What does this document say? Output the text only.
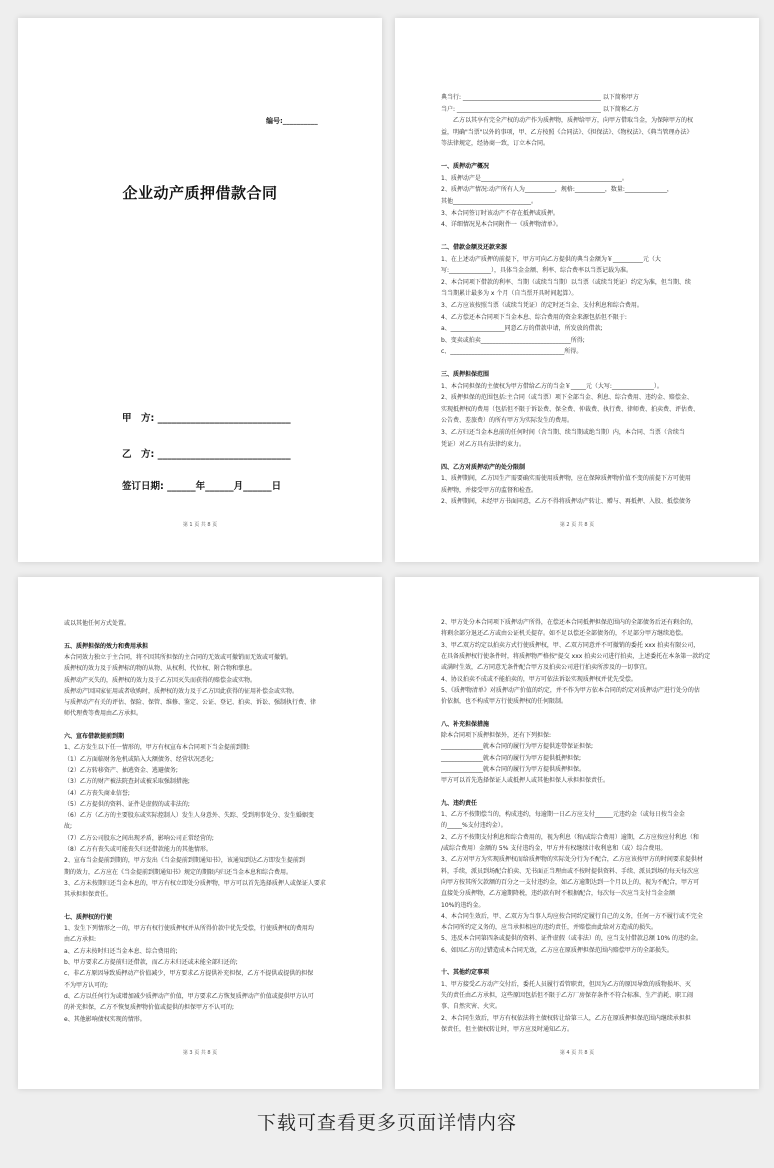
编号:__________
企业动产质押借款合同
甲　方: ____________________________
乙　方: ____________________________
签订日期: ______年______月______日
第 1 页 共 8 页	第 2 页 共 8 页
典当行: ______________________________________________ 以下简称甲方
当户: ________________________________________________ 以下简称乙方
　　乙方以其享有完全产权的动产作为质押物，质押给甲方，向甲方借取当金，为保障甲方的权
益，明确"当票"以外的事项，甲、乙方按照《合同法》、《担保法》、《物权法》、《典当管理办法》
等法律规定，经协商一致，订立本合同。
一、质押动产概况
1、质押动产是_______________________________________________。
2、质押动产情况:动产所有人为__________，规格:__________，数量:______________，
其他__________________________。
3、本合同签订时该动产不存在抵押或质押。
4、详细情况见本合同附件一《质押物清单》。
二、借款金额及还款来源
1、在上述动产质押的前提下，甲方可向乙方提供的典当金额为￥__________元（大
写:______________），具体当金金额、利率、综合费率以当票记载为准。
2、本合同项下借款的利率、当期（或续当当期）以当票（或续当凭证）约定为准，但当期、续
当当期累计最多为 x 个月（自当票开具时间起算）。
3、乙方应该按照当票（或续当凭证）的定时还当金、支付利息和综合费用。
4、乙方偿还本合同项下当金本息、综合费用的资金来源包括但不限于:
a、__________________同意乙方的借款申请，所发放的借款;
b、变卖或拍卖______________________________所得;
c、______________________________________所得。
三、质押担保范围
1、本合同担保的主债权为甲方借给乙方的当金￥_____元（大写:______________）。
2、质押担保的范围包括:主合同（或当票）项下全部当金、利息、综合费用、违约金、赔偿金、
实现抵押权的费用（包括但不限于诉讼费、保全费、仲裁费、执行费、律师费、拍卖费、评估费、
公告费、差旅费）的所有甲方为实际发生的费用。
3、乙方归还当金本息前的任何时间（含当期、续当期或绝当期）内，本合同、当票（含续当
凭证）对乙方具有法律约束力。
四、乙方对质押动产的处分限制
1、质押期间，乙方因生产需要确实需使用质押物，应在保障质押物价值不变的前提下方可使用
质押物，并接受甲方的监督和检查。
2、质押期间，未经甲方书面同意，乙方不得将质押动产转让、赠与、再抵押、入股、抵偿债务
第 3 页 共 8 页
或以其他任何方式处置。
五、质押担保的效力和费用承担
本合同效力独立于主合同，将不因其所担保的主合同的无效或可撤销而无效或可撤销。
质押权的效力及于质押标的物的从物、从权利、代位权、附合物和孳息。
质押动产灭失的，质押权的效力及于乙方因灭失而获得的赔偿金或实物。
质押动产因国家征用或者收购时，质押权的效力及于乙方因此获得的征用补偿金或实物。
与质押动产有关的评估、保险、保管、维修、鉴定、公证、登记、拍卖、诉讼、强制执行费、律
师代理费等费用由乙方承担。
六、宣布借款提前到期
1、乙方发生以下任一情形的，甲方有权宣布本合同项下当金提前到期:
（1）乙方面临财务危机或陷入大额债务、经营状况恶化;
（2）乙方转移资产、抽逃资金、逃避债务;
（3）乙方的财产被法院查封或被采取强制措施;
（4）乙方丧失商业信誉;
（5）乙方提供的资料、证件是虚假的或非法的;
（6）乙方（乙方的主要股东或实际控制人）发生人身意外、失踪、受到刑事处分、发生婚姻变
故;
（7）乙方公司股东之间出现矛盾，影响公司正常经营的;
（8）乙方有丧失或可能丧失归还借款能力的其他情形。
2、宣布当金提前到期的，甲方发出《当金提前到期通知书》，该通知到达乙方即发生提前到
期的效力，乙方应在《当金提前到期通知书》规定的期限内归还当金本息和综合费用。
3、乙方未按期归还当金本息的，甲方有权立即处分质押物，甲方可以首先选择质押人或保证人要求
其承担担保责任。
七、质押权的行使
1、发生下列情形之一的，甲方有权行使质押权并从所得价款中优先受偿，行使质押权的费用均
由乙方承担:
a、乙方未按时归还当金本息、综合费用的;
b、甲方要求乙方提前归还借款，而乙方未归还或未能全部归还的;
c、非乙方原因导致质押动产价值减少，甲方要求乙方提供补充担保，乙方不提供或提供的担保
不为甲方认可的;
d、乙方以任何行为或增加减少质押动产价值，甲方要求乙方恢复质押动产价值或提供甲方认可
的补充担保，乙方不恢复质押物价值或提供的担保甲方不认可的;
e、其他影响债权实现的情形。
第 4 页 共 8 页
2、甲方处分本合同项下质押动产所得，在偿还本合同抵押担保范围内的全部债务后还有剩余的，
将剩余部分退还乙方或由公证机关提存。如不足以偿还全部债务的，不足部分甲方继续追偿。
3、甲乙双方约定以拍卖方式行使质押权，甲、乙双方同意并不可撤销的委托 xxx 拍卖有限公司，
在具备质押权行使条件时，将质押物严格按"提交 xxx 拍卖公司进行拍卖，上述委托在本条第一款约定
或满时生效，乙方同意无条件配合甲方及拍卖公司进行拍卖所涉及的一切事宜。
4、协议拍卖不成或不能拍卖的，甲方可依法诉讼实现质押权并优先受偿。
5、《质押物清单》对质押动产价值的约定，并不作为甲方依本合同的约定对质押动产进行处分的估
价依据，也不构成甲方行使质押权的任何限制。
八、补充担保措施
除本合同项下质押担保外，还有下列担保:
______________就本合同的履行为甲方提供连带保证担保;
______________就本合同的履行为甲方提供抵押担保;
______________就本合同的履行为甲方提供质押担保。
甲方可以首先选择保证人或抵押人或其他担保人承担担保责任。
九、违约责任
1、乙方不按期偿当的，构成违约，每逾期一日乙方应支付______元违约金（或每日按当金金
的_____%支付违约金）。
2、乙方不按期支付利息和综合费用的，视为利息（和/或综合费用）逾期，乙方应按应付利息（和
/或综合费用）金额的 5% 支付违约金，甲方并有权继续计收利息和（或）综合费用。
3、乙方对甲方为实现质押权而给质押物的实际处分行为不配合，乙方应该按甲方的时间要求提供材
料，手续，派员到场配合拍卖、无书面正当理由或不按时提供资料、手续、派员到场的每天每次应
向甲方按其所欠款额的百分之一支付违约金，如乙方逾期达到一个月以上的，视为不配合，甲方可
直接处分质押物，乙方逾期降税，违约款有时不根据配合，每次每一次应当支付当金金额
10%的违约金。
4、本合同生效后，甲、乙双方为当事人均应按合同约定履行自己的义务，任何一方不履行或不完全
本合同所约定义务的，应当承担相应的违约责任，并赔偿由此给对方造成的损失。
5、违反本合同第四条或提供的资料、证件虚假（或非法）的，应当支付借款总额 10% 的违约金。
6、如因乙方的过错造成本合同无效，乙方应在原质押担保范围内赔偿甲方的全部损失。
十、其他约定事项
1、甲方接受乙方动产交付后，委托人员履行看管职责，但因为乙方的原因导致的质物损坏、灭
失的责任由乙方承担，这些原因包括但不限于乙方厂房保存条件不符合标准、生产消耗、职工闹
事、自然灾害、火灾。
2、本合同生效后，甲方有权依法将主债权转让给第三人，乙方在原质押担保范围内继续承担担
保责任，但主债权转让时，甲方应及时通知乙方。
下载可查看更多页面详情内容
